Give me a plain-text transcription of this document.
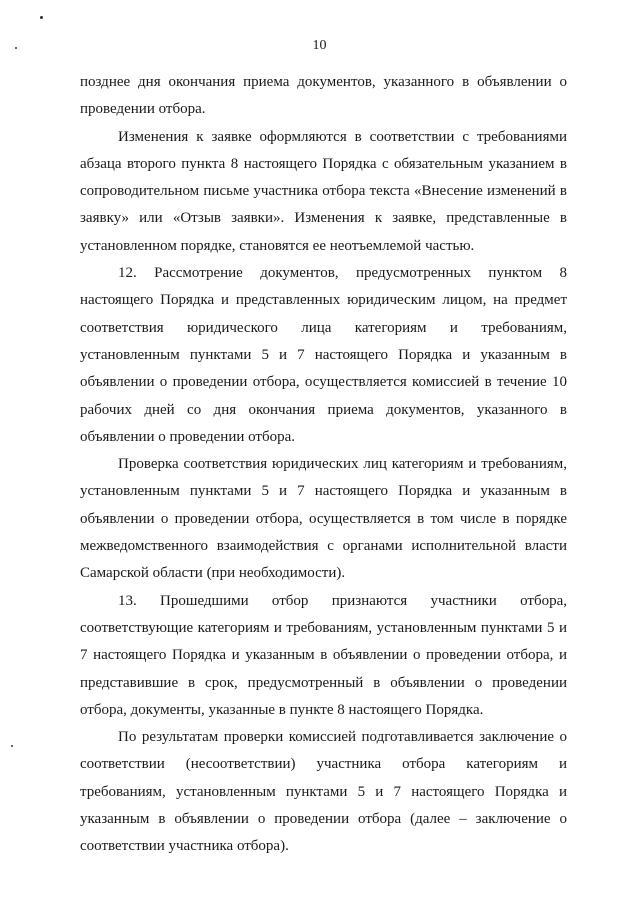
10

позднее дня окончания приема документов, указанного в объявлении о проведении отбора.

Изменения к заявке оформляются в соответствии с требованиями абзаца второго пункта 8 настоящего Порядка с обязательным указанием в сопроводительном письме участника отбора текста «Внесение изменений в заявку» или «Отзыв заявки». Изменения к заявке, представленные в установленном порядке, становятся ее неотъемлемой частью.

12. Рассмотрение документов, предусмотренных пунктом 8 настоящего Порядка и представленных юридическим лицом, на предмет соответствия юридического лица категориям и требованиям, установленным пунктами 5 и 7 настоящего Порядка и указанным в объявлении о проведении отбора, осуществляется комиссией в течение 10 рабочих дней со дня окончания приема документов, указанного в объявлении о проведении отбора.

Проверка соответствия юридических лиц категориям и требованиям, установленным пунктами 5 и 7 настоящего Порядка и указанным в объявлении о проведении отбора, осуществляется в том числе в порядке межведомственного взаимодействия с органами исполнительной власти Самарской области (при необходимости).

13. Прошедшими отбор признаются участники отбора, соответствующие категориям и требованиям, установленным пунктами 5 и 7 настоящего Порядка и указанным в объявлении о проведении отбора, и представившие в срок, предусмотренный в объявлении о проведении отбора, документы, указанные в пункте 8 настоящего Порядка.

По результатам проверки комиссией подготавливается заключение о соответствии (несоответствии) участника отбора категориям и требованиям, установленным пунктами 5 и 7 настоящего Порядка и указанным в объявлении о проведении отбора (далее – заключение о соответствии участника отбора).
